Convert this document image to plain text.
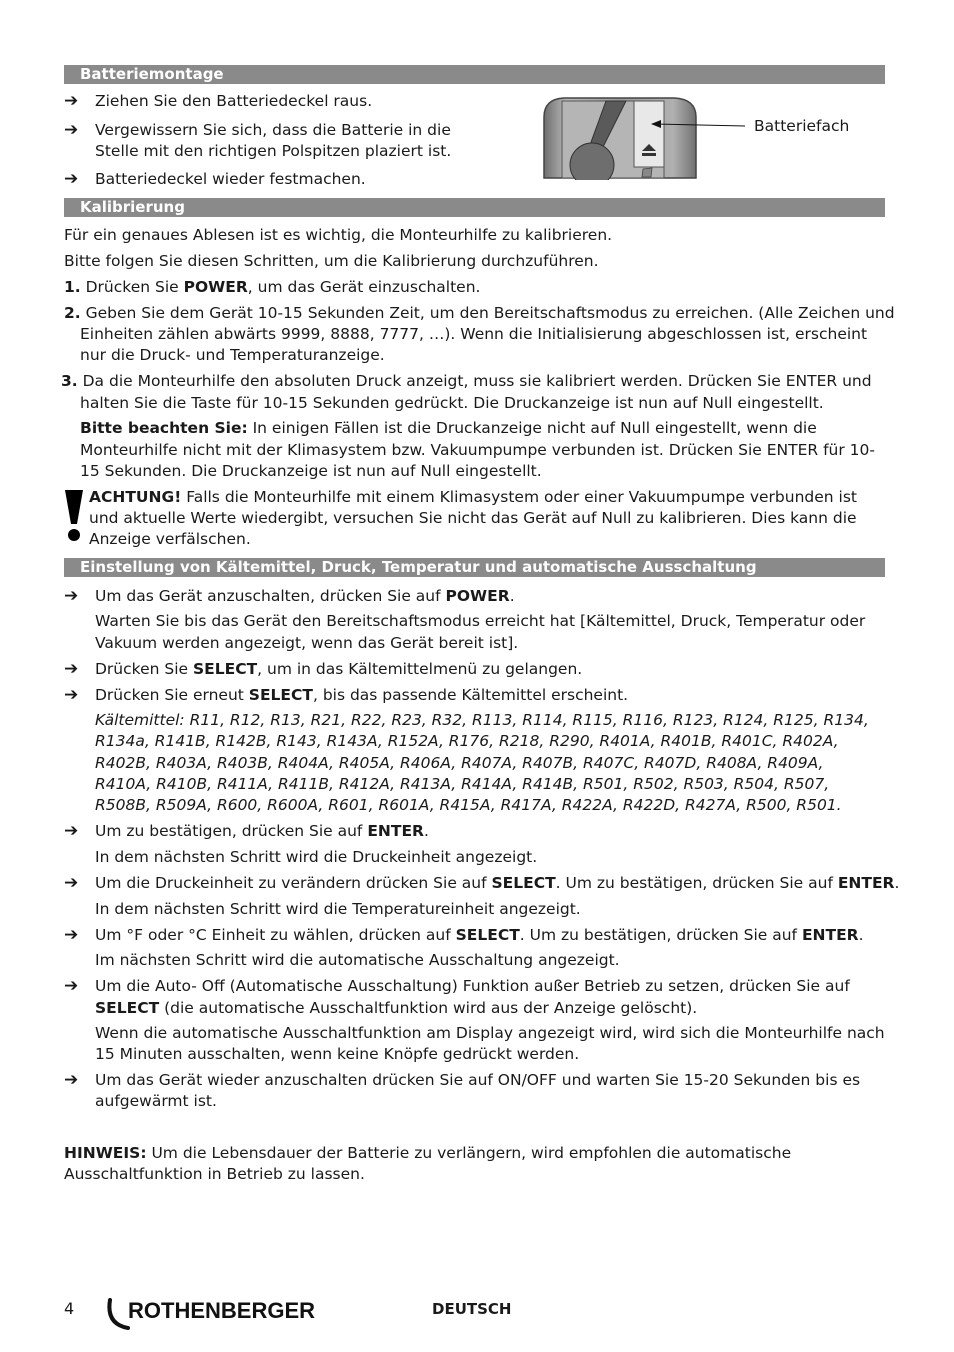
Batteriemontage
➔ Ziehen Sie den Batteriedeckel raus.
➔ Vergewissern Sie sich, dass die Batterie in die
Stelle mit den richtigen Polspitzen plaziert ist.
➔ Batteriedeckel wieder festmachen.
Batteriefach
Kalibrierung
Für ein genaues Ablesen ist es wichtig, die Monteurhilfe zu kalibrieren.
Bitte folgen Sie diesen Schritten, um die Kalibrierung durchzuführen.
1. Drücken Sie POWER, um das Gerät einzuschalten.
2. Geben Sie dem Gerät 10-15 Sekunden Zeit, um den Bereitschaftsmodus zu erreichen. (Alle Zeichen und
Einheiten zählen abwärts 9999, 8888, 7777, …). Wenn die Initialisierung abgeschlossen ist, erscheint
nur die Druck- und Temperaturanzeige.
3. Da die Monteurhilfe den absoluten Druck anzeigt, muss sie kalibriert werden. Drücken Sie ENTER und
halten Sie die Taste für 10-15 Sekunden gedrückt. Die Druckanzeige ist nun auf Null eingestellt.
Bitte beachten Sie: In einigen Fällen ist die Druckanzeige nicht auf Null eingestellt, wenn die
Monteurhilfe nicht mit der Klimasystem bzw. Vakuumpumpe verbunden ist. Drücken Sie ENTER für 10-
15 Sekunden. Die Druckanzeige ist nun auf Null eingestellt.
ACHTUNG! Falls die Monteurhilfe mit einem Klimasystem oder einer Vakuumpumpe verbunden ist
und aktuelle Werte wiedergibt, versuchen Sie nicht das Gerät auf Null zu kalibrieren. Dies kann die
Anzeige verfälschen.
Einstellung von Kältemittel, Druck, Temperatur und automatische Ausschaltung
➔ Um das Gerät anzuschalten, drücken Sie auf POWER.
Warten Sie bis das Gerät den Bereitschaftsmodus erreicht hat [Kältemittel, Druck, Temperatur oder
Vakuum werden angezeigt, wenn das Gerät bereit ist].
➔ Drücken Sie SELECT, um in das Kältemittelmenü zu gelangen.
➔ Drücken Sie erneut SELECT, bis das passende Kältemittel erscheint.
Kältemittel: R11, R12, R13, R21, R22, R23, R32, R113, R114, R115, R116, R123, R124, R125, R134,
R134a, R141B, R142B, R143, R143A, R152A, R176, R218, R290, R401A, R401B, R401C, R402A,
R402B, R403A, R403B, R404A, R405A, R406A, R407A, R407B, R407C, R407D, R408A, R409A,
R410A, R410B, R411A, R411B, R412A, R413A, R414A, R414B, R501, R502, R503, R504, R507,
R508B, R509A, R600, R600A, R601, R601A, R415A, R417A, R422A, R422D, R427A, R500, R501.
➔ Um zu bestätigen, drücken Sie auf ENTER.
In dem nächsten Schritt wird die Druckeinheit angezeigt.
➔ Um die Druckeinheit zu verändern drücken Sie auf SELECT. Um zu bestätigen, drücken Sie auf ENTER.
In dem nächsten Schritt wird die Temperatureinheit angezeigt.
➔ Um °F oder °C Einheit zu wählen, drücken auf SELECT. Um zu bestätigen, drücken Sie auf ENTER.
Im nächsten Schritt wird die automatische Ausschaltung angezeigt.
➔ Um die Auto- Off (Automatische Ausschaltung) Funktion außer Betrieb zu setzen, drücken Sie auf
SELECT (die automatische Ausschaltfunktion wird aus der Anzeige gelöscht).
Wenn die automatische Ausschaltfunktion am Display angezeigt wird, wird sich die Monteurhilfe nach
15 Minuten ausschalten, wenn keine Knöpfe gedrückt werden.
➔ Um das Gerät wieder anzuschalten drücken Sie auf ON/OFF und warten Sie 15-20 Sekunden bis es
aufgewärmt ist.
HINWEIS: Um die Lebensdauer der Batterie zu verlängern, wird empfohlen die automatische
Ausschaltfunktion in Betrieb zu lassen.
4 ROTHENBERGER	DEUTSCH
